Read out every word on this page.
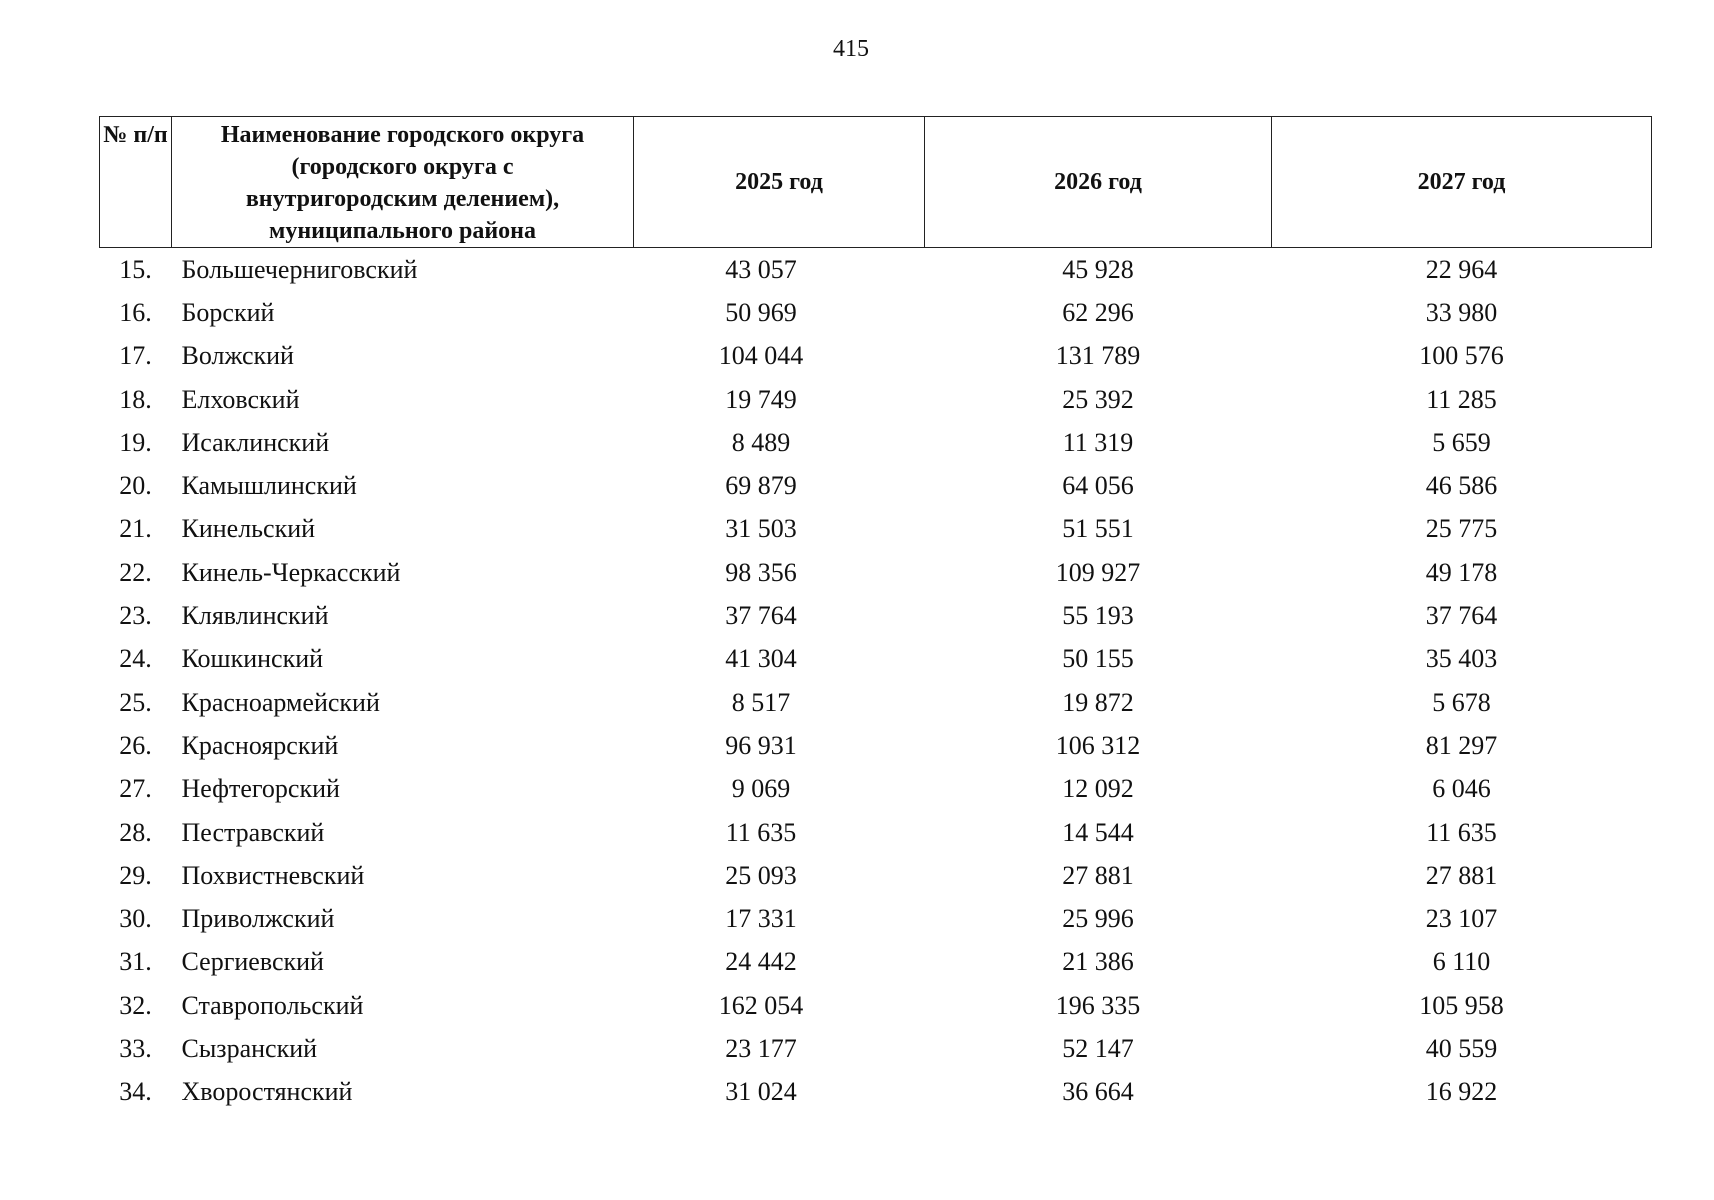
415
№ п/п	Наименование городского округа (городского округа с внутригородским делением), муниципального района	2025 год	2026 год	2027 год
15.	Большечерниговский	43 057	45 928	22 964
16.	Борский	50 969	62 296	33 980
17.	Волжский	104 044	131 789	100 576
18.	Елховский	19 749	25 392	11 285
19.	Исаклинский	8 489	11 319	5 659
20.	Камышлинский	69 879	64 056	46 586
21.	Кинельский	31 503	51 551	25 775
22.	Кинель-Черкасский	98 356	109 927	49 178
23.	Клявлинский	37 764	55 193	37 764
24.	Кошкинский	41 304	50 155	35 403
25.	Красноармейский	8 517	19 872	5 678
26.	Красноярский	96 931	106 312	81 297
27.	Нефтегорский	9 069	12 092	6 046
28.	Пестравский	11 635	14 544	11 635
29.	Похвистневский	25 093	27 881	27 881
30.	Приволжский	17 331	25 996	23 107
31.	Сергиевский	24 442	21 386	6 110
32.	Ставропольский	162 054	196 335	105 958
33.	Сызранский	23 177	52 147	40 559
34.	Хворостянский	31 024	36 664	16 922
